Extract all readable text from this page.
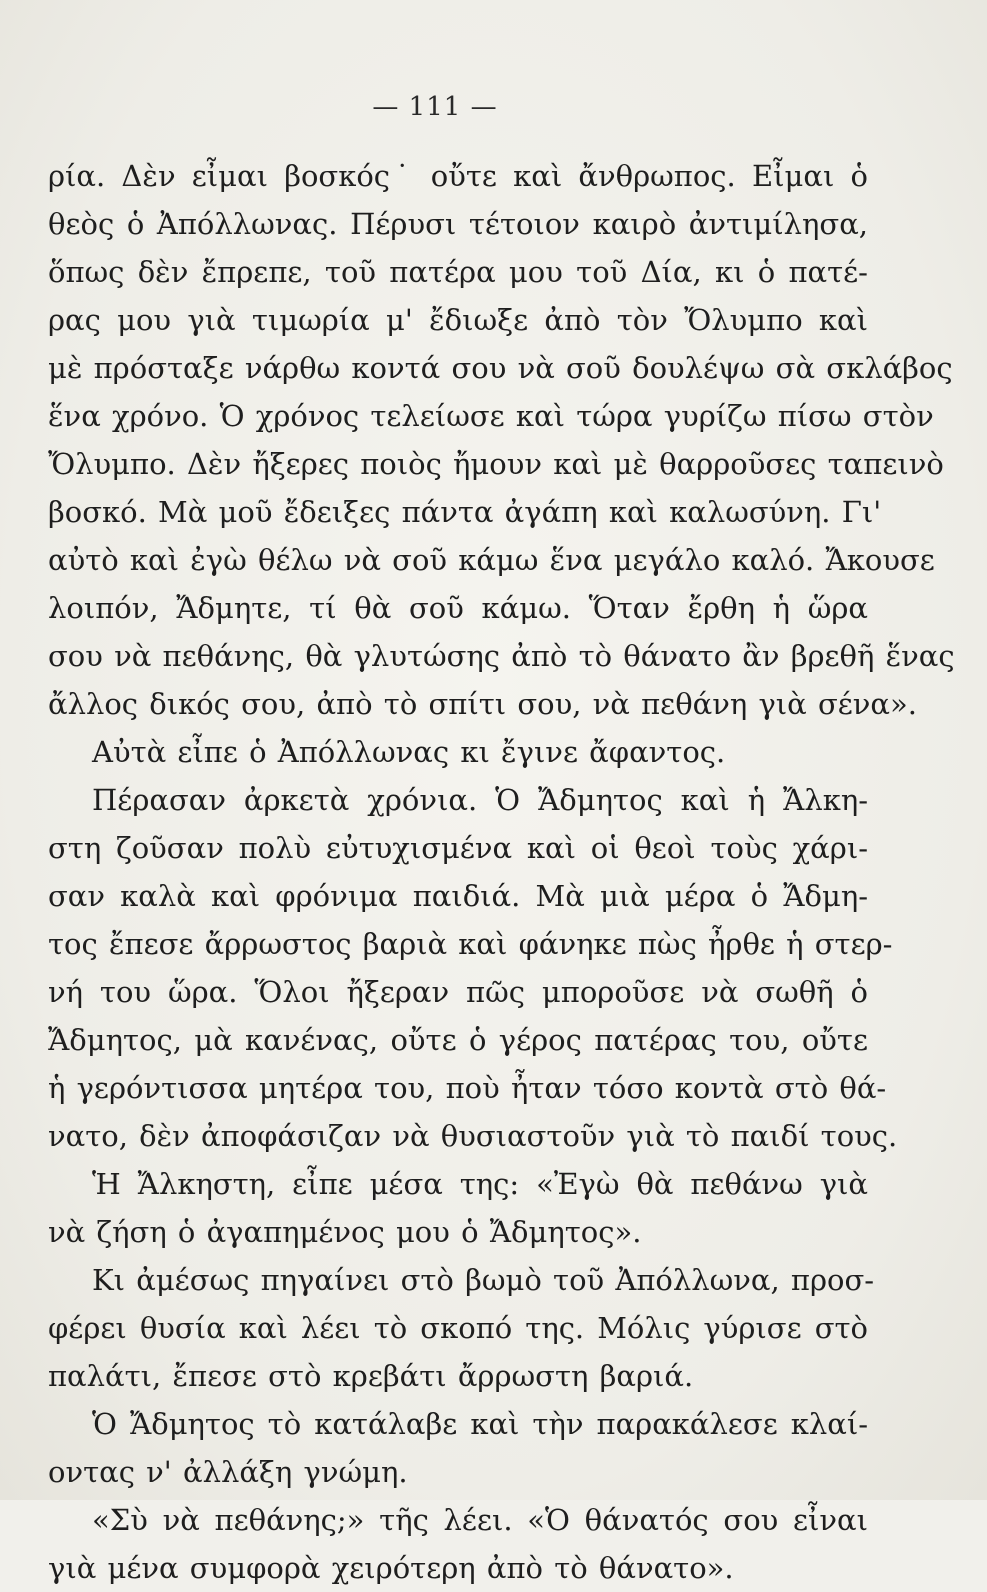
— 111 —
ρία. Δὲν εἶμαι βοσκός˙ οὔτε καὶ ἄνθρωπος. Εἶμαι ὁ
θεὸς ὁ Ἀπόλλωνας. Πέρυσι τέτοιον καιρὸ ἀντιμίλησα,
ὅπως δὲν ἔπρεπε, τοῦ πατέρα μου τοῦ Δία, κι ὁ πατέ-
ρας μου γιὰ τιμωρία μ' ἔδιωξε ἀπὸ τὸν Ὄλυμπο καὶ
μὲ πρόσταξε νάρθω κοντά σου νὰ σοῦ δουλέψω σὰ σκλάβος
ἕνα χρόνο. Ὁ χρόνος τελείωσε καὶ τώρα γυρίζω πίσω στὸν
Ὄλυμπο. Δὲν ἤξερες ποιὸς ἤμουν καὶ μὲ θαρροῦσες ταπεινὸ
βοσκό. Μὰ μοῦ ἔδειξες πάντα ἀγάπη καὶ καλωσύνη. Γι'
αὐτὸ καὶ ἐγὼ θέλω νὰ σοῦ κάμω ἕνα μεγάλο καλό. Ἄκουσε
λοιπόν, Ἄδμητε, τί θὰ σοῦ κάμω. Ὅταν ἔρθη ἡ ὥρα
σου νὰ πεθάνης, θὰ γλυτώσης ἀπὸ τὸ θάνατο ἂν βρεθῆ ἕνας
ἄλλος δικός σου, ἀπὸ τὸ σπίτι σου, νὰ πεθάνη γιὰ σένα».
Αὐτὰ εἶπε ὁ Ἀπόλλωνας κι ἔγινε ἄφαντος.
Πέρασαν ἀρκετὰ χρόνια. Ὁ Ἄδμητος καὶ ἡ Ἄλκη-
στη ζοῦσαν πολὺ εὐτυχισμένα καὶ οἱ θεοὶ τοὺς χάρι-
σαν καλὰ καὶ φρόνιμα παιδιά. Μὰ μιὰ μέρα ὁ Ἄδμη-
τος ἔπεσε ἄρρωστος βαριὰ καὶ φάνηκε πὼς ἦρθε ἡ στερ-
νή του ὥρα. Ὅλοι ἤξεραν πῶς μποροῦσε νὰ σωθῆ ὁ
Ἄδμητος, μὰ κανένας, οὔτε ὁ γέρος πατέρας του, οὔτε
ἡ γερόντισσα μητέρα του, ποὺ ἦταν τόσο κοντὰ στὸ θά-
νατο, δὲν ἀποφάσιζαν νὰ θυσιαστοῦν γιὰ τὸ παιδί τους.
Ἡ Ἄλκηστη, εἶπε μέσα της: «Ἐγὼ θὰ πεθάνω γιὰ
νὰ ζήση ὁ ἀγαπημένος μου ὁ Ἄδμητος».
Κι ἀμέσως πηγαίνει στὸ βωμὸ τοῦ Ἀπόλλωνα, προσ-
φέρει θυσία καὶ λέει τὸ σκοπό της. Μόλις γύρισε στὸ
παλάτι, ἔπεσε στὸ κρεβάτι ἄρρωστη βαριά.
Ὁ Ἄδμητος τὸ κατάλαβε καὶ τὴν παρακάλεσε κλαί-
οντας ν' ἀλλάξη γνώμη.
«Σὺ νὰ πεθάνης;» τῆς λέει. «Ὁ θάνατός σου εἶναι
γιὰ μένα συμφορὰ χειρότερη ἀπὸ τὸ θάνατο».
